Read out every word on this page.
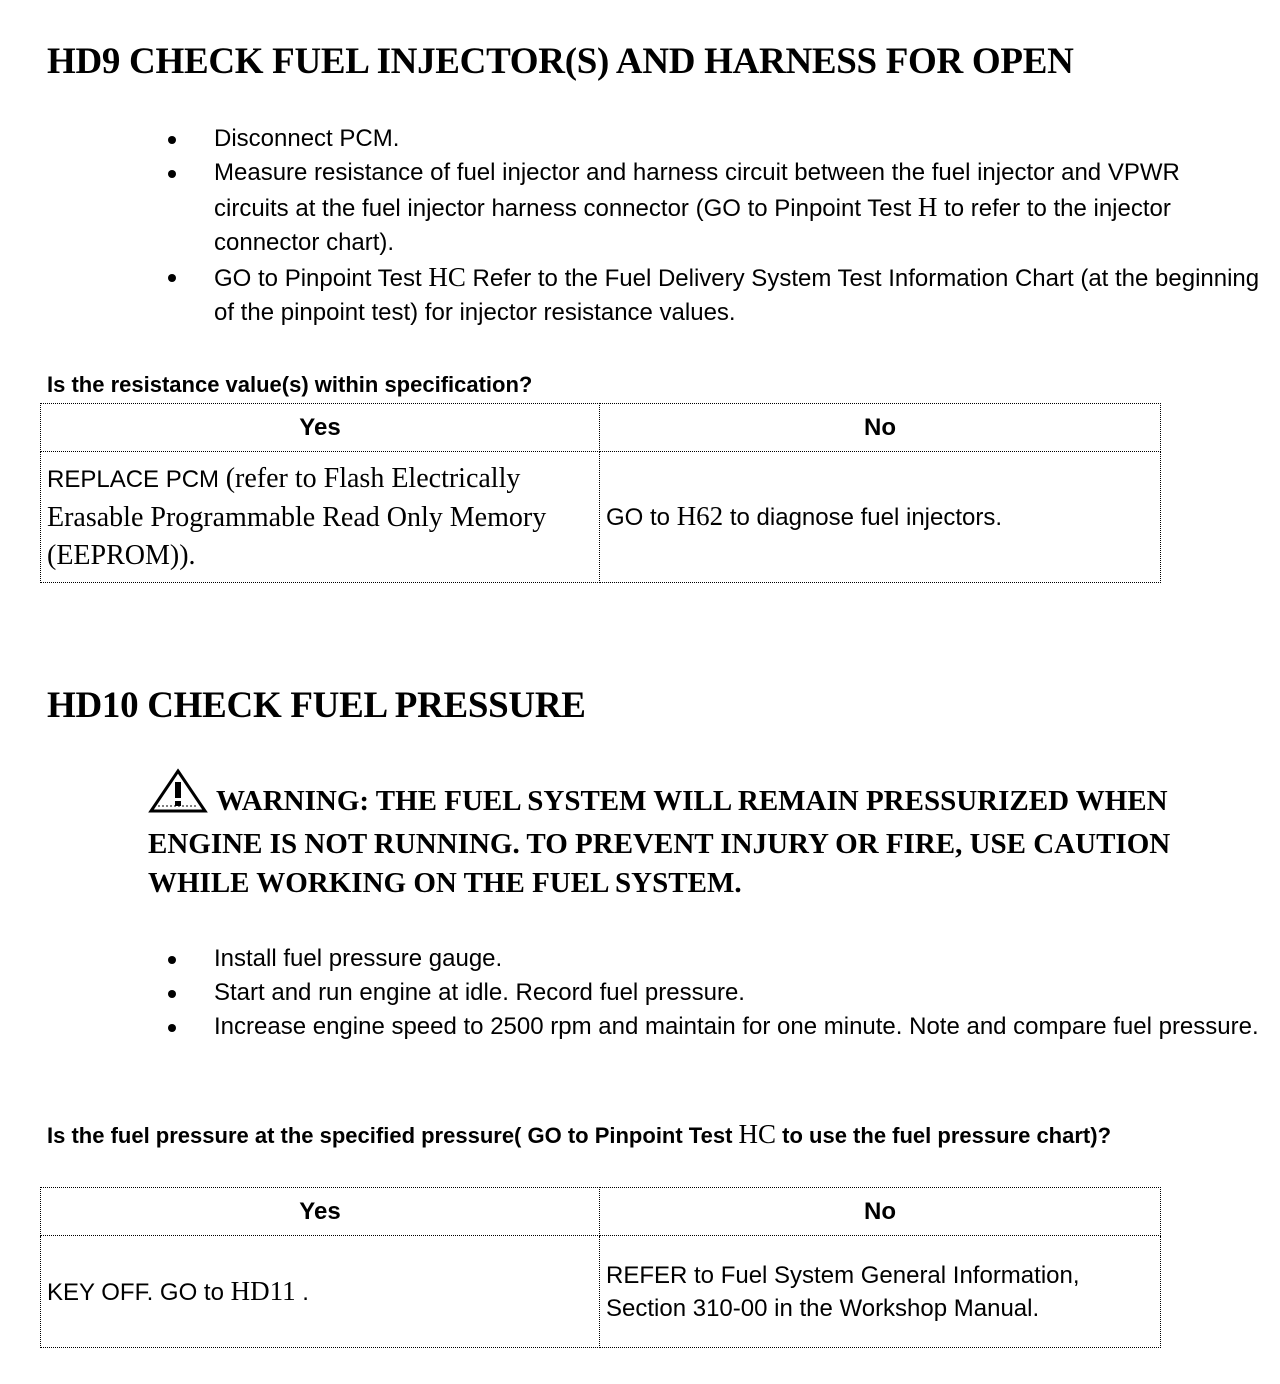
HD9 CHECK FUEL INJECTOR(S) AND HARNESS FOR OPEN
Disconnect PCM.
Measure resistance of fuel injector and harness circuit between the fuel injector and VPWR circuits at the fuel injector harness connector (GO to Pinpoint Test H to refer to the injector connector chart).
GO to Pinpoint Test HC Refer to the Fuel Delivery System Test Information Chart (at the beginning of the pinpoint test) for injector resistance values.

Is the resistance value(s) within specification?

Yes	No
REPLACE PCM (refer to Flash Electrically Erasable Programmable Read Only Memory (EEPROM)).	GO to H62 to diagnose fuel injectors.
HD10 CHECK FUEL PRESSURE
WARNING: THE FUEL SYSTEM WILL REMAIN PRESSURIZED WHEN ENGINE IS NOT RUNNING. TO PREVENT INJURY OR FIRE, USE CAUTION WHILE WORKING ON THE FUEL SYSTEM.
Install fuel pressure gauge.
Start and run engine at idle. Record fuel pressure.
Increase engine speed to 2500 rpm and maintain for one minute. Note and compare fuel pressure.

Is the fuel pressure at the specified pressure( GO to Pinpoint Test HC to use the fuel pressure chart)?

Yes	No
KEY OFF. GO to HD11 .	REFER to Fuel System General Information, Section 310-00 in the Workshop Manual.
